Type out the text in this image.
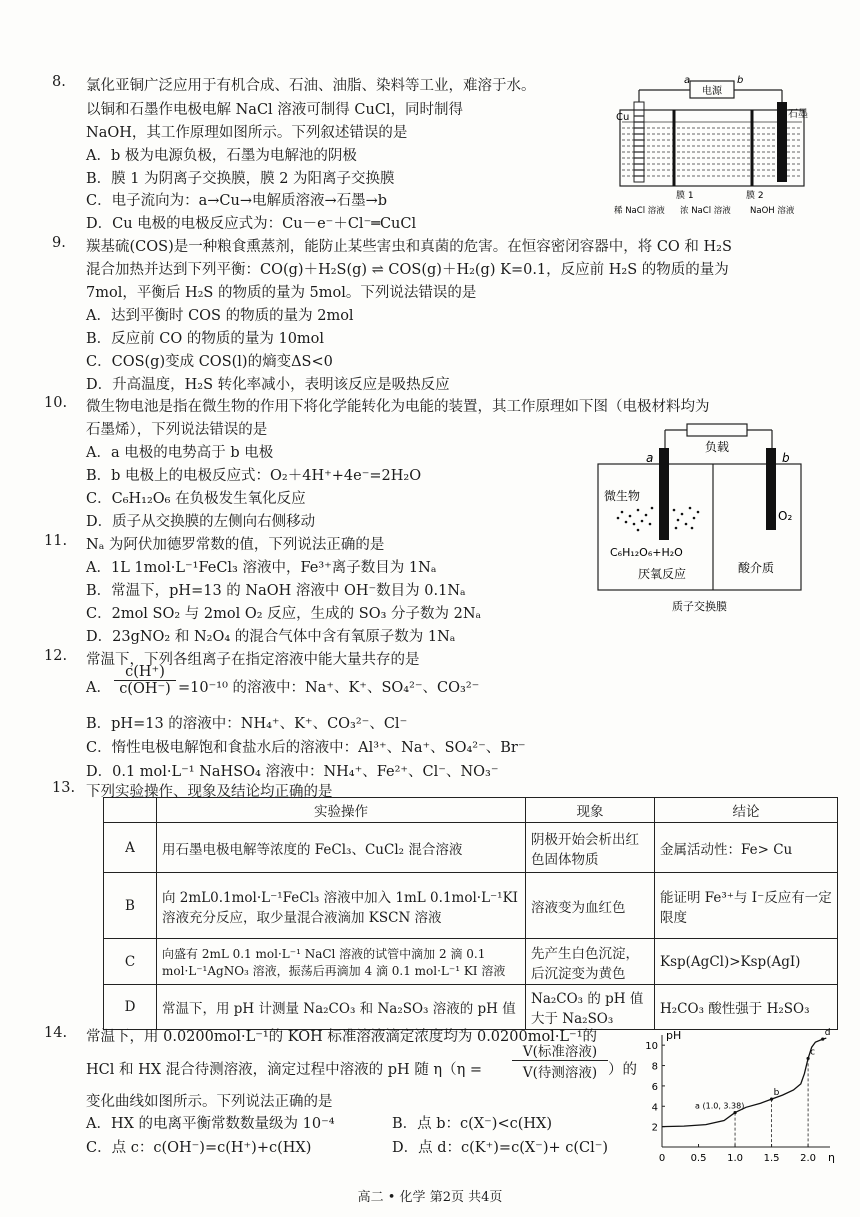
8. 氯化亚铜广泛应用于有机合成、石油、油脂、染料等工业，难溶于水。
以铜和石墨作电极电解 NaCl 溶液可制得 CuCl，同时制得
NaOH，其工作原理如图所示。下列叙述错误的是
A．b 极为电源负极，石墨为电解池的阴极
B．膜 1 为阴离子交换膜，膜 2 为阳离子交换膜
C．电子流向为：a→Cu→电解质溶液→石墨→b
D．Cu 电极的电极反应式为：Cu－e⁻＋Cl⁻═CuCl
电源
a	b
Cu	石墨
膜 1	膜 2
稀 NaCl 溶液 浓 NaCl 溶液 NaOH 溶液
9. 羰基硫(COS)是一种粮食熏蒸剂，能防止某些害虫和真菌的危害。在恒容密闭容器中，将 CO 和 H₂S
混合加热并达到下列平衡：CO(g)＋H₂S(g) ⇌ COS(g)＋H₂(g) K=0.1，反应前 H₂S 的物质的量为
7mol，平衡后 H₂S 的物质的量为 5mol。下列说法错误的是
A．达到平衡时 COS 的物质的量为 2mol
B．反应前 CO 的物质的量为 10mol
C．COS(g)变成 COS(l)的熵变ΔS<0
D．升高温度，H₂S 转化率减小，表明该反应是吸热反应
10. 微生物电池是指在微生物的作用下将化学能转化为电能的装置，其工作原理如下图（电极材料均为
石墨烯），下列说法错误的是
A．a 电极的电势高于 b 电极
B．b 电极上的电极反应式：O₂＋4H⁺+4e⁻=2H₂O
C．C₆H₁₂O₆ 在负极发生氧化反应
D．质子从交换膜的左侧向右侧移动
负载
a	b
微生物
C₆H₁₂O₆+H₂O
O₂
厌氧反应	酸介质
质子交换膜
11. Nₐ 为阿伏加德罗常数的值，下列说法正确的是
A．1L 1mol·L⁻¹FeCl₃ 溶液中，Fe³⁺离子数目为 1Nₐ
B．常温下，pH=13 的 NaOH 溶液中 OH⁻数目为 0.1Nₐ
C．2mol SO₂ 与 2mol O₂ 反应，生成的 SO₃ 分子数为 2Nₐ
D．23gNO₂ 和 N₂O₄ 的混合气体中含有氧原子数为 1Nₐ
12. 常温下，下列各组离子在指定溶液中能大量共存的是
A． $\frac{c(H^+)}{c(OH^-)} =10^{-10}$ 的溶液中：Na⁺、K⁺、SO₄²⁻、CO₃²⁻
B．pH=13 的溶液中：NH₄⁺、K⁺、CO₃²⁻、Cl⁻
C．惰性电极电解饱和食盐水后的溶液中：Al³⁺、Na⁺、SO₄²⁻、Br⁻
D．0.1 mol·L⁻¹ NaHSO₄ 溶液中：NH₄⁺、Fe²⁺、Cl⁻、NO₃⁻
13. 下列实验操作、现象及结论均正确的是
	实验操作	现象	结论
A	用石墨电极电解等浓度的 FeCl₃、CuCl₂ 混合溶液	阴极开始会析出红色固体物质	金属活动性：Fe> Cu
B	向 2mL0.1mol·L⁻¹FeCl₃ 溶液中加入 1mL 0.1mol·L⁻¹KI 溶液充分反应，取少量混合液滴加 KSCN 溶液	溶液变为血红色	能证明 Fe³⁺与 I⁻反应有一定限度
C	向盛有 2mL 0.1 mol·L⁻¹ NaCl 溶液的试管中滴加 2 滴 0.1 mol·L⁻¹AgNO₃ 溶液，振荡后再滴加 4 滴 0.1 mol·L⁻¹ KI 溶液	先产生白色沉淀，后沉淀变为黄色	Ksp(AgCl)>Ksp(AgI)
D	常温下，用 pH 计测量 Na₂CO₃ 和 Na₂SO₃ 溶液的 pH 值	Na₂CO₃ 的 pH 值大于 Na₂SO₃	H₂CO₃ 酸性强于 H₂SO₃
14. 常温下，用 0.0200mol·L⁻¹的 KOH 标准溶液滴定浓度均为 0.0200mol·L⁻¹的
HCl 和 HX 混合待测溶液，滴定过程中溶液的 pH 随 η（η =
V(标准溶液)
V(待测溶液) ）的
变化曲线如图所示。下列说法正确的是
A．HX 的电离平衡常数数量级为 10⁻⁴	B．点 b：c(X⁻)<c(HX)
C．点 c：c(OH⁻)=c(H⁺)+c(HX)	D．点 d：c(K⁺)=c(X⁻)+ c(Cl⁻)
pH
η
2
4
6
8
10
0	0.5 1.0 1.5 2.0
a (1.0, 3.38)
b
c
d
高二 • 化学 第2页 共4页
